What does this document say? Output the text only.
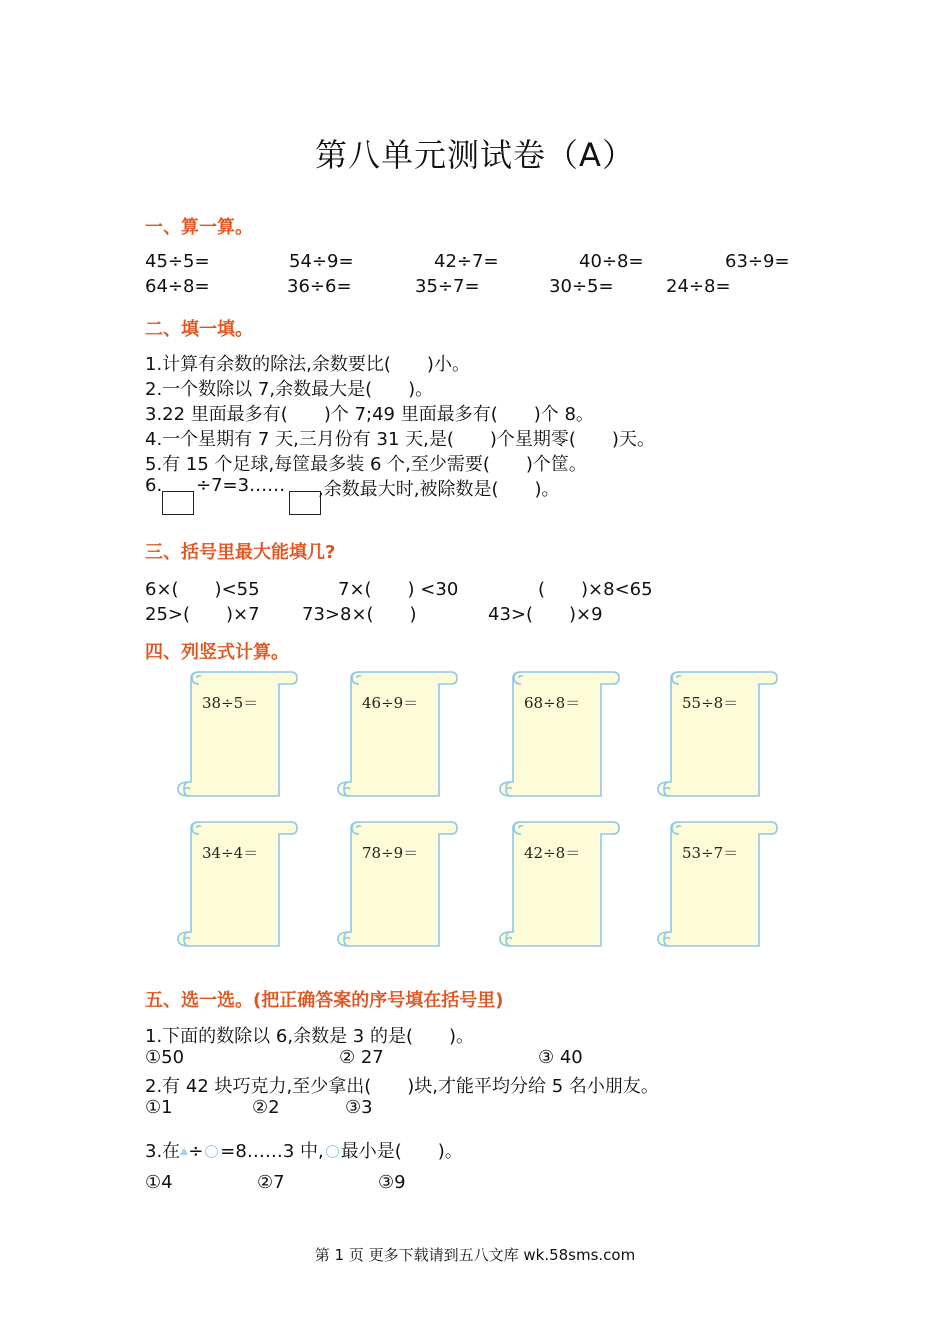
第八单元测试卷（A）
一、算一算。
45÷5=	54÷9=	42÷7=	40÷8=	63÷9=
64÷8=	36÷6=	35÷7=	30÷5=	24÷8=
二、填一填。
1.计算有余数的除法,余数要比(　　)小。
2.一个数除以 7,余数最大是(　　)。
3.22 里面最多有(　　)个 7;49 里面最多有(　　)个 8。
4.一个星期有 7 天,三月份有 31 天,是(　　)个星期零(　　)天。
5.有 15 个足球,每筐最多装 6 个,至少需要(　　)个筐。
6. ÷7=3…… ,余数最大时,被除数是(　　)。
三、括号里最大能填几?
6×(　　)<55	7×(　　) <30	(　　)×8<65
25>(　　)×7 73>8×(　　)	43>(　　)×9
四、列竖式计算。
38÷5＝	46÷9＝	68÷8＝	55÷8＝
34÷4＝	78÷9＝	42÷8＝	53÷7＝
五、选一选。(把正确答案的序号填在括号里)
1.下面的数除以 6,余数是 3 的是(　　)。
①50	② 27	③ 40
2.有 42 块巧克力,至少拿出(　　)块,才能平均分给 5 名小朋友。
①1	②2	③3
3.在 ÷ =8……3 中, 最小是(　　)。
①4	②7	③9
第 1 页 更多下载请到五八文库 wk.58sms.com
